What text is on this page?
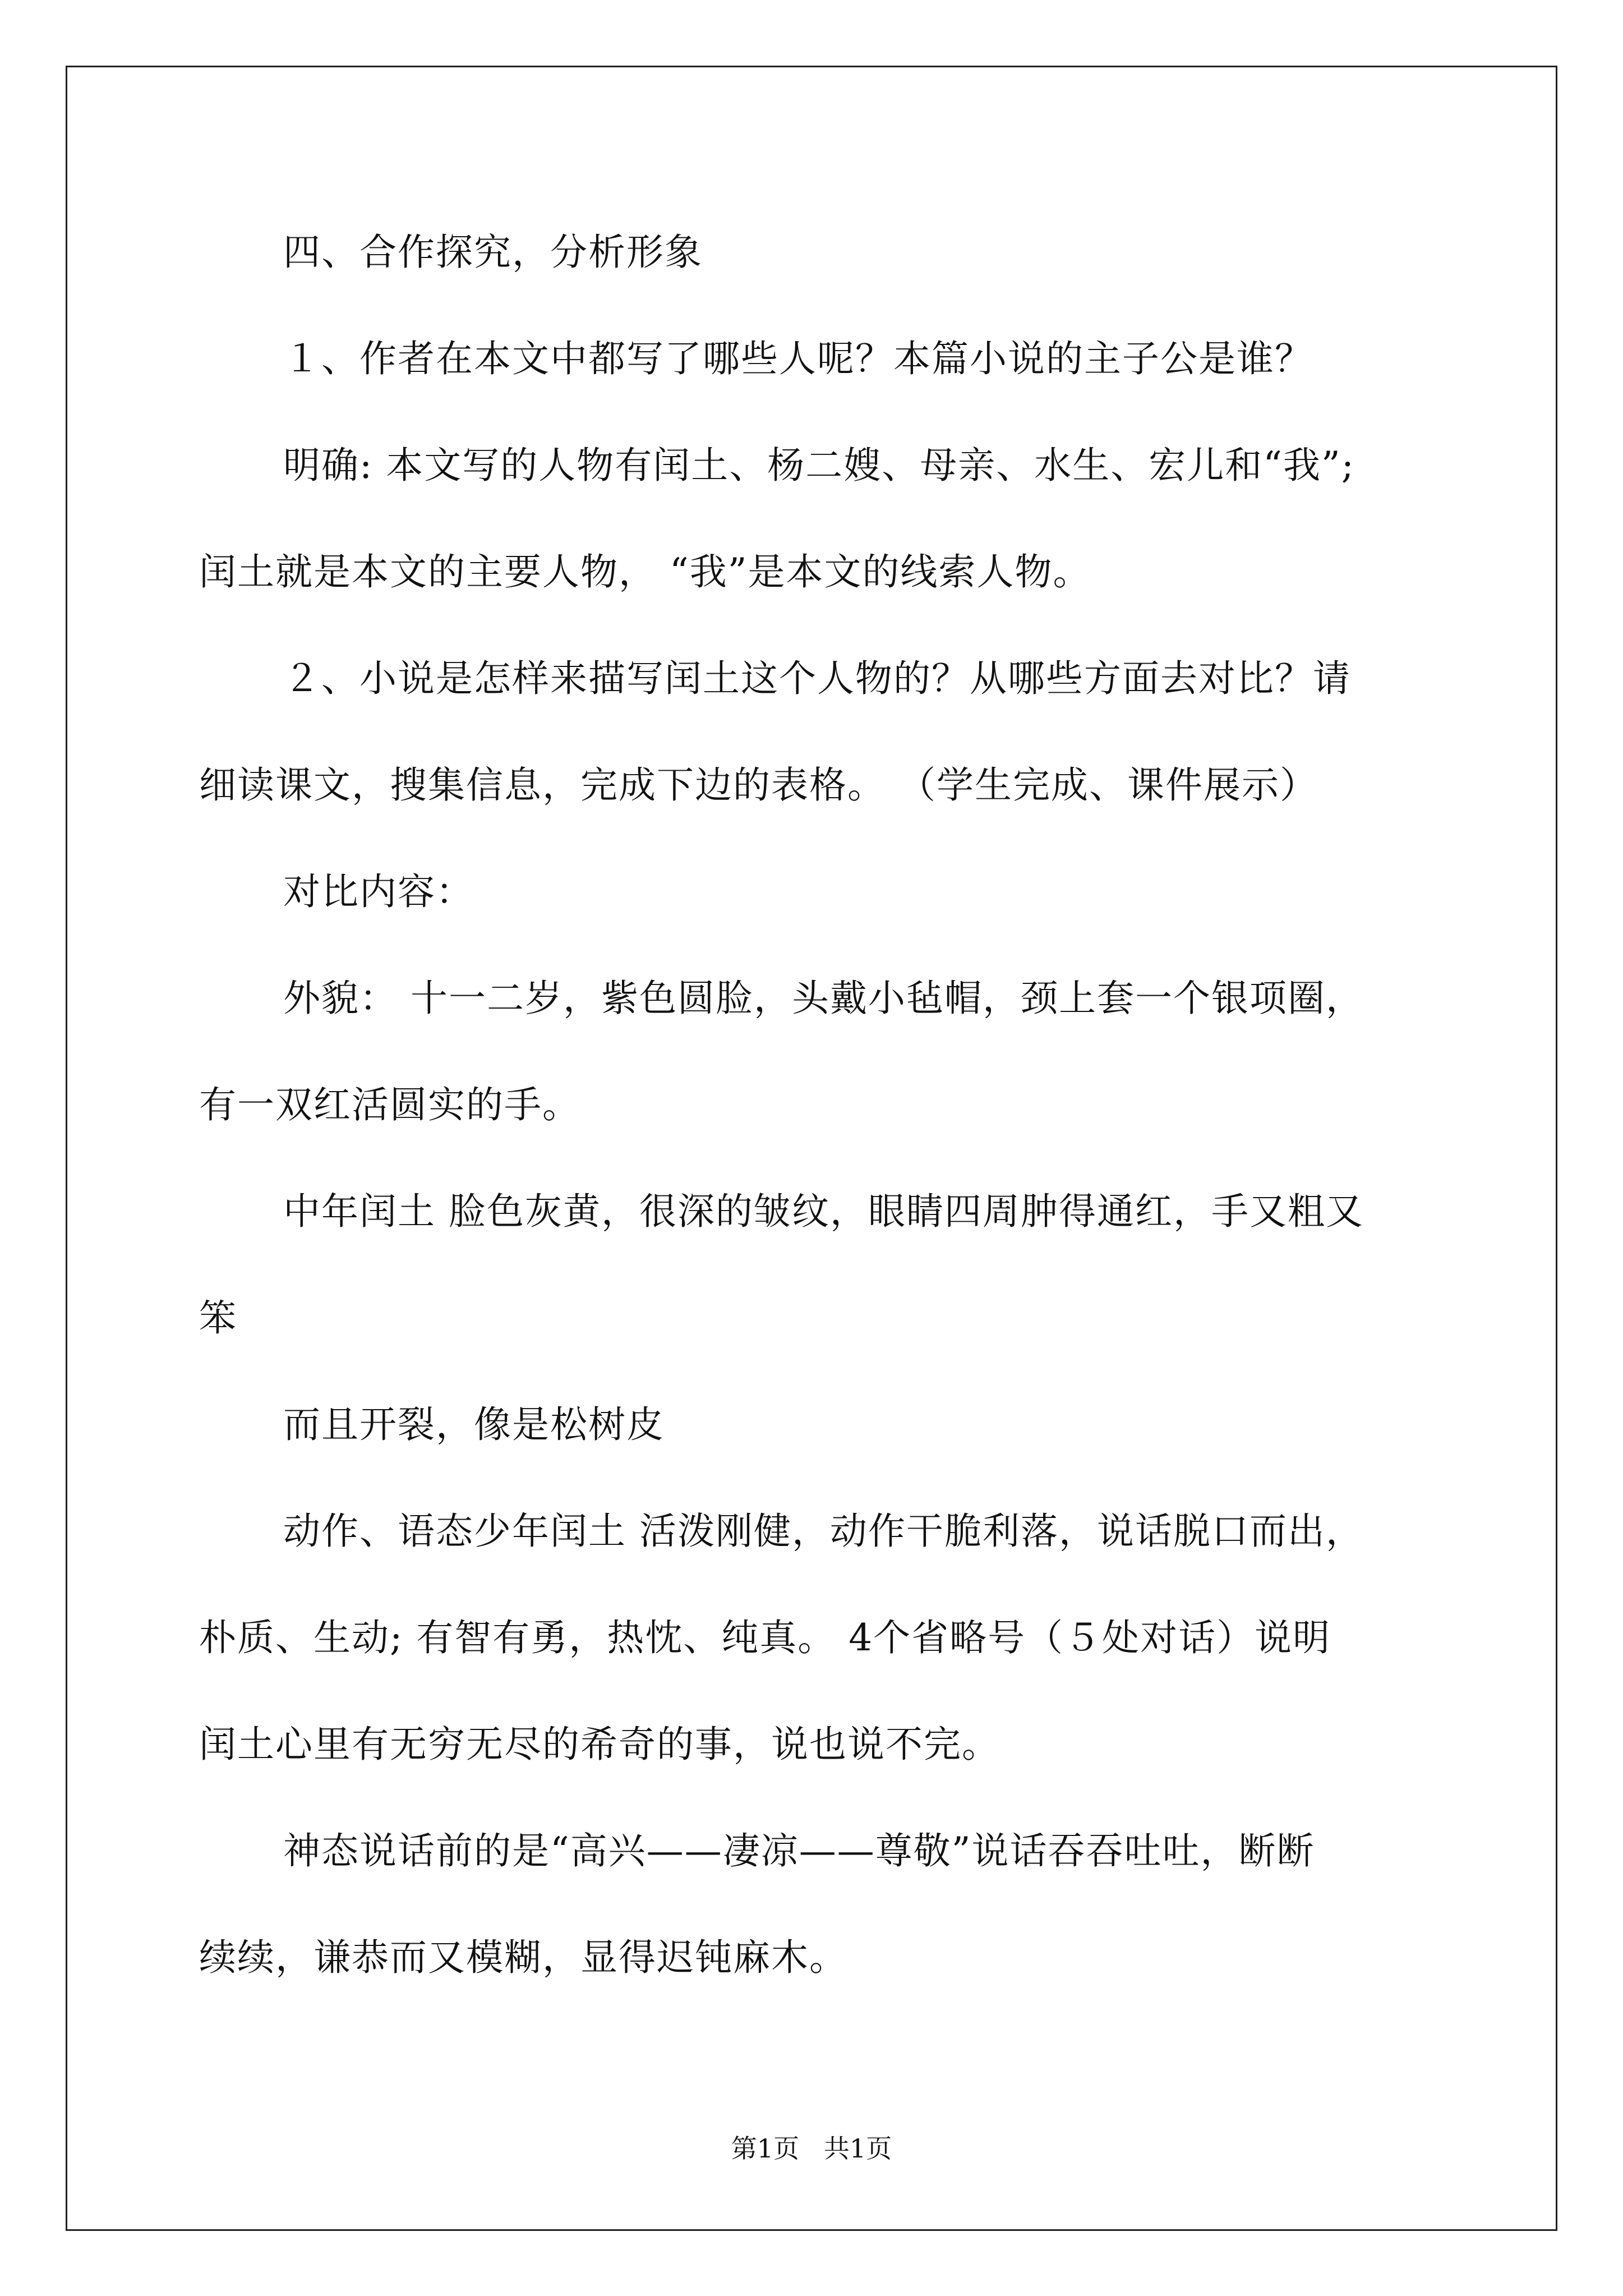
四、合作探究，分析形象

１、作者在本文中都写了哪些人呢？本篇小说的主子公是谁？

明确: 本文写的人物有闰土、杨二嫂、母亲、水生、宏儿和“我”;

闰土就是本文的主要人物， “我”是本文的线索人物。

２、小说是怎样来描写闰土这个人物的？从哪些方面去对比？请

细读课文，搜集信息，完成下边的表格。 （学生完成、课件展示）

对比内容：

外貌： 十一二岁，紫色圆脸，头戴小毡帽，颈上套一个银项圈，

有一双红活圆实的手。

中年闰土 脸色灰黄，很深的皱纹，眼睛四周肿得通红，手又粗又

笨

而且开裂，像是松树皮

动作、语态少年闰土 活泼刚健，动作干脆利落，说话脱口而出，

朴质、生动; 有智有勇，热忱、纯真。 4个省略号（５处对话）说明

闰土心里有无穷无尽的希奇的事，说也说不完。

神态说话前的是“高兴——凄凉——尊敬”说话吞吞吐吐，断断

续续，谦恭而又模糊，显得迟钝麻木。

第1页   共1页
